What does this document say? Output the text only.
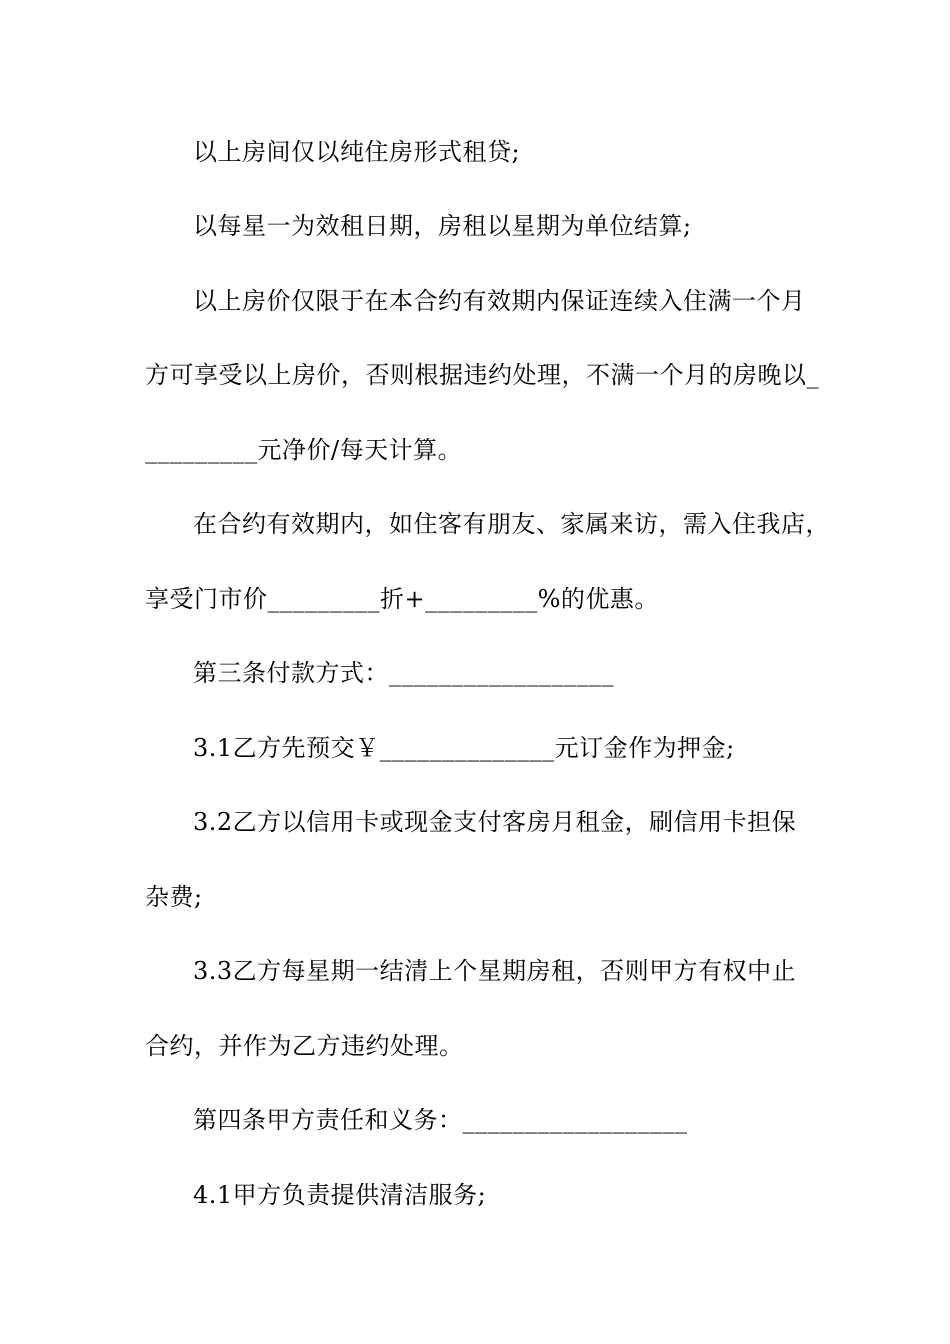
以上房间仅以纯住房形式租贷;
以每星一为效租日期，房租以星期为单位结算;
以上房价仅限于在本合约有效期内保证连续入住满一个月
方可享受以上房价，否则根据违约处理，不满一个月的房晚以_
_________元净价/每天计算。
在合约有效期内，如住客有朋友、家属来访，需入住我店，
享受门市价_________折+_________%的优惠。
第三条付款方式：__________________
3.1乙方先预交￥______________元订金作为押金;
3.2乙方以信用卡或现金支付客房月租金，刷信用卡担保
杂费;
3.3乙方每星期一结清上个星期房租，否则甲方有权中止
合约，并作为乙方违约处理。
第四条甲方责任和义务：__________________
4.1甲方负责提供清洁服务;
